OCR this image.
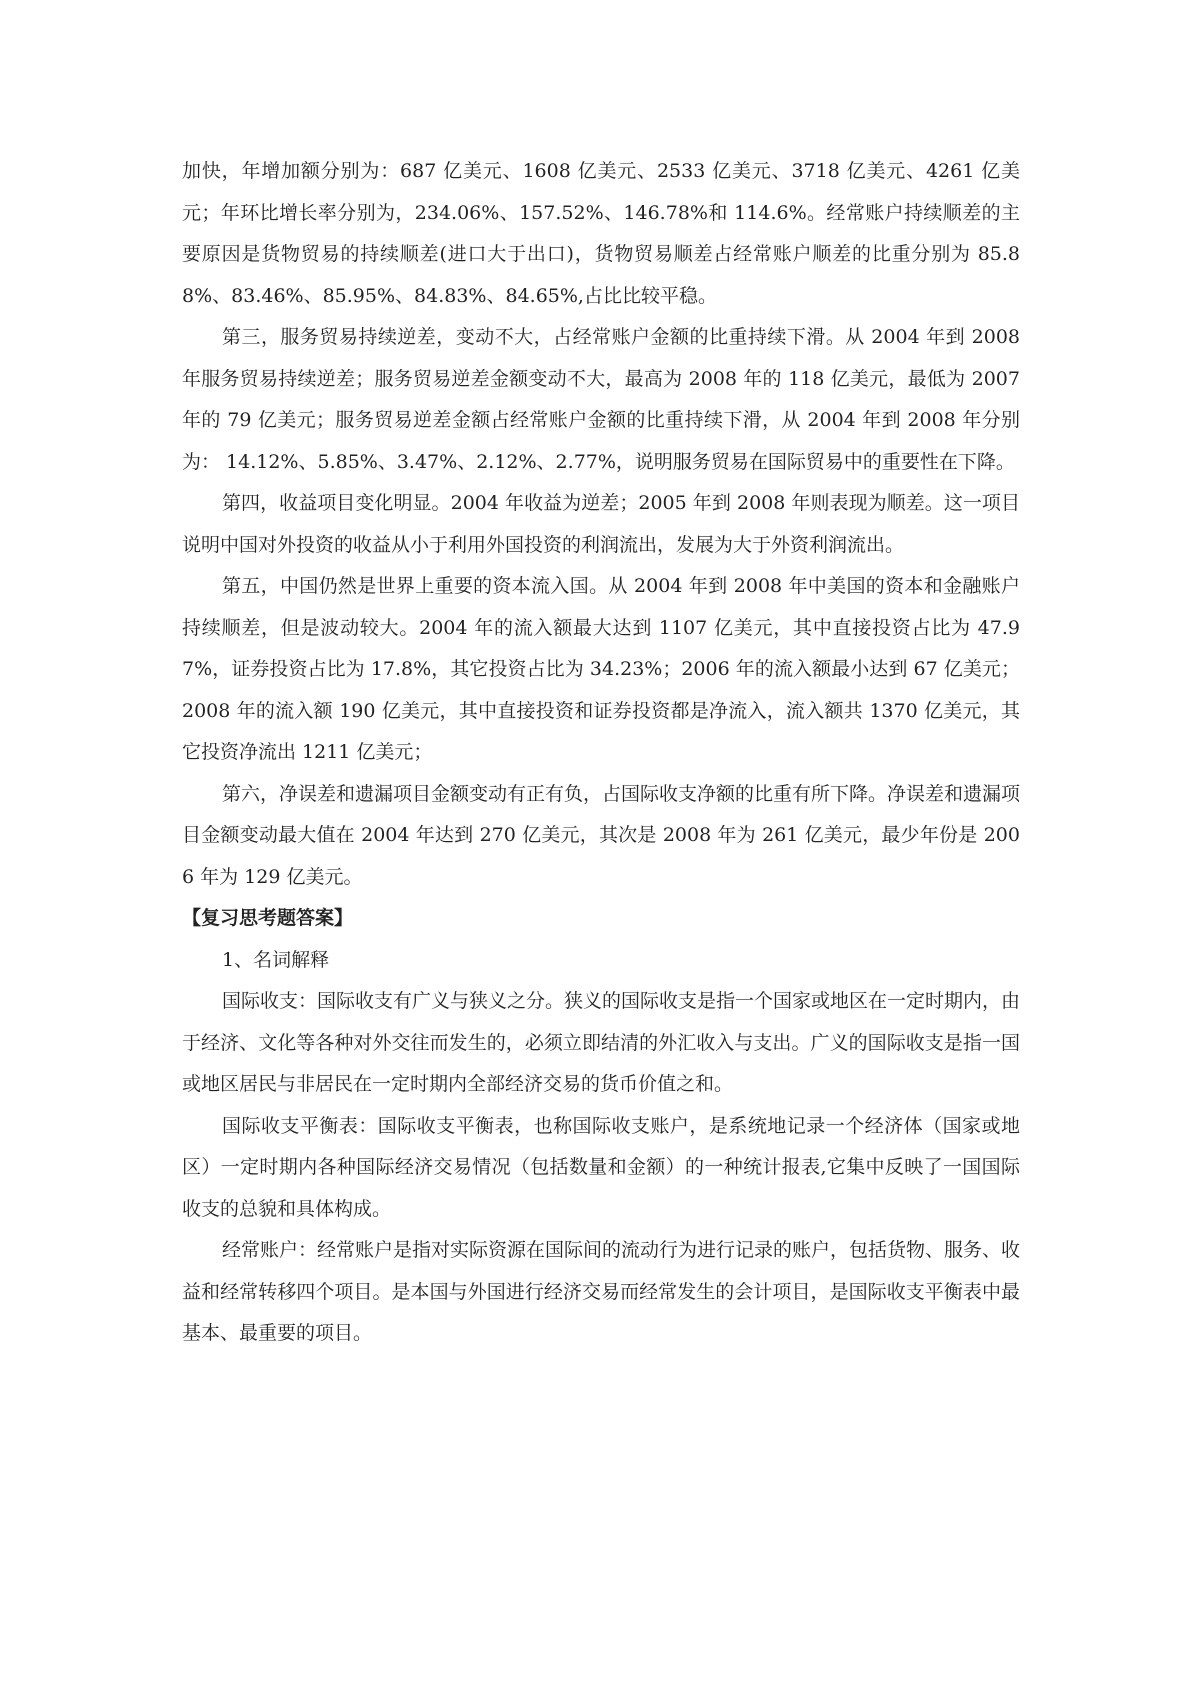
加快，年增加额分别为：687 亿美元、1608 亿美元、2533 亿美元、3718 亿美元、4261 亿美元；年环比增长率分别为，234.06%、157.52%、146.78%和 114.6%。经常账户持续顺差的主要原因是货物贸易的持续顺差(进口大于出口)，货物贸易顺差占经常账户顺差的比重分别为 85.88%、83.46%、85.95%、84.83%、84.65%,占比比较平稳。

第三，服务贸易持续逆差，变动不大，占经常账户金额的比重持续下滑。从 2004 年到 2008 年服务贸易持续逆差；服务贸易逆差金额变动不大，最高为 2008 年的 118 亿美元，最低为 2007 年的 79 亿美元；服务贸易逆差金额占经常账户金额的比重持续下滑，从 2004 年到 2008 年分别为： 14.12%、5.85%、3.47%、2.12%、2.77%，说明服务贸易在国际贸易中的重要性在下降。

第四，收益项目变化明显。2004 年收益为逆差；2005 年到 2008 年则表现为顺差。这一项目说明中国对外投资的收益从小于利用外国投资的利润流出，发展为大于外资利润流出。

第五，中国仍然是世界上重要的资本流入国。从 2004 年到 2008 年中美国的资本和金融账户持续顺差，但是波动较大。2004 年的流入额最大达到 1107 亿美元，其中直接投资占比为 47.97%，证券投资占比为 17.8%，其它投资占比为 34.23%；2006 年的流入额最小达到 67 亿美元；2008 年的流入额 190 亿美元，其中直接投资和证券投资都是净流入，流入额共 1370 亿美元，其它投资净流出 1211 亿美元；

第六，净误差和遗漏项目金额变动有正有负，占国际收支净额的比重有所下降。净误差和遗漏项目金额变动最大值在 2004 年达到 270 亿美元，其次是 2008 年为 261 亿美元，最少年份是 2006 年为 129 亿美元。

【复习思考题答案】

1、名词解释

国际收支：国际收支有广义与狭义之分。狭义的国际收支是指一个国家或地区在一定时期内，由于经济、文化等各种对外交往而发生的，必须立即结清的外汇收入与支出。广义的国际收支是指一国或地区居民与非居民在一定时期内全部经济交易的货币价值之和。

国际收支平衡表：国际收支平衡表，也称国际收支账户，是系统地记录一个经济体（国家或地区）一定时期内各种国际经济交易情况（包括数量和金额）的一种统计报表,它集中反映了一国国际收支的总貌和具体构成。

经常账户：经常账户是指对实际资源在国际间的流动行为进行记录的账户，包括货物、服务、收益和经常转移四个项目。是本国与外国进行经济交易而经常发生的会计项目，是国际收支平衡表中最基本、最重要的项目。
